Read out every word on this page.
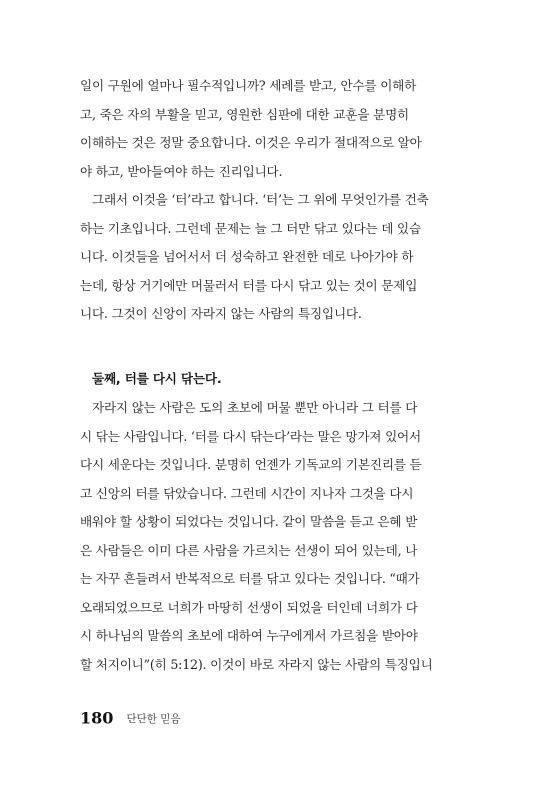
일이 구원에 얼마나 필수적입니까? 세례를 받고, 안수를 이해하
고, 죽은 자의 부활을 믿고, 영원한 심판에 대한 교훈을 분명히
이해하는 것은 정말 중요합니다. 이것은 우리가 절대적으로 알아
야 하고, 받아들여야 하는 진리입니다.
그래서 이것을 ‘터’라고 합니다. ‘터’는 그 위에 무엇인가를 건축
하는 기초입니다. 그런데 문제는 늘 그 터만 닦고 있다는 데 있습
니다. 이것들을 넘어서서 더 성숙하고 완전한 데로 나아가야 하
는데, 항상 거기에만 머물러서 터를 다시 닦고 있는 것이 문제입
니다. 그것이 신앙이 자라지 않는 사람의 특징입니다.
둘째, 터를 다시 닦는다.
자라지 않는 사람은 도의 초보에 머물 뿐만 아니라 그 터를 다
시 닦는 사람입니다. ‘터를 다시 닦는다’라는 말은 망가져 있어서
다시 세운다는 것입니다. 분명히 언젠가 기독교의 기본진리를 듣
고 신앙의 터를 닦았습니다. 그런데 시간이 지나자 그것을 다시
배워야 할 상황이 되었다는 것입니다. 같이 말씀을 듣고 은혜 받
은 사람들은 이미 다른 사람을 가르치는 선생이 되어 있는데, 나
는 자꾸 흔들려서 반복적으로 터를 닦고 있다는 것입니다. “때가
오래되었으므로 너희가 마땅히 선생이 되었을 터인데 너희가 다
시 하나님의 말씀의 초보에 대하여 누구에게서 가르침을 받아야
할 처지이니”(히 5:12). 이것이 바로 자라지 않는 사람의 특징입니
180 단단한 믿음
